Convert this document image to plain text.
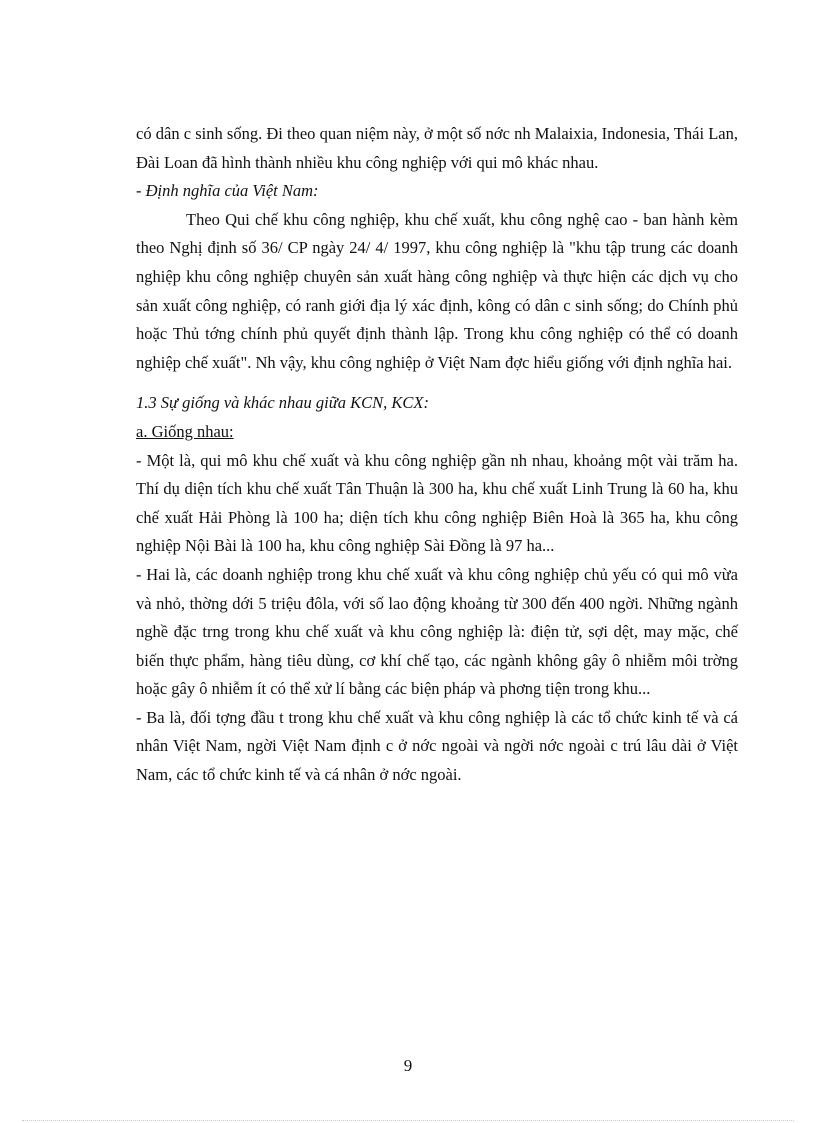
có dân c sinh sống. Đi theo quan niệm này, ở một số nớc nh Malaixia, Indonesia, Thái Lan, Đài Loan đã hình thành nhiều khu công nghiệp với qui mô khác nhau.

- Định nghĩa của Việt Nam:

Theo Qui chế khu công nghiệp, khu chế xuất, khu công nghệ cao - ban hành kèm theo Nghị định số 36/ CP ngày 24/ 4/ 1997, khu công nghiệp là "khu tập trung các doanh nghiệp khu công nghiệp chuyên sản xuất hàng công nghiệp và thực hiện các dịch vụ cho sản xuất công nghiệp, có ranh giới địa lý xác định, kông có dân c sinh sống; do Chính phủ hoặc Thủ tớng chính phủ quyết định thành lập. Trong khu công nghiệp có thể có doanh nghiệp chế xuất". Nh vậy, khu công nghiệp ở Việt Nam đợc hiểu giống với định nghĩa hai.

1.3 Sự giống và khác nhau giữa KCN, KCX:

a. Giống nhau:

- Một là, qui mô khu chế xuất và khu công nghiệp gần nh nhau, khoảng một vài trăm ha. Thí dụ diện tích khu chế xuất Tân Thuận là 300 ha, khu chế xuất Linh Trung là 60 ha, khu chế xuất Hải Phòng là 100 ha; diện tích khu công nghiệp Biên Hoà là 365 ha, khu công nghiệp Nội Bài là 100 ha, khu công nghiệp Sài Đồng là 97 ha...

- Hai là, các doanh nghiệp trong khu chế xuất và khu công nghiệp chủ yếu có qui mô vừa và nhỏ, thờng dới 5 triệu đôla, với số lao động khoảng từ 300 đến 400 ngời. Những ngành nghề đặc trng trong khu chế xuất và khu công nghiệp là: điện tử, sợi dệt, may mặc, chế biến thực phẩm, hàng tiêu dùng, cơ khí chế tạo, các ngành không gây ô nhiễm môi trờng hoặc gây ô nhiễm ít có thể xử lí bằng các biện pháp và phơng tiện trong khu...

- Ba là, đối tợng đầu t trong khu chế xuất và khu công nghiệp là các tổ chức kinh tế và cá nhân Việt Nam, ngời Việt Nam định c ở nớc ngoài và ngời nớc ngoài c trú lâu dài ở Việt Nam, các tổ chức kinh tế và cá nhân ở nớc ngoài.

9
